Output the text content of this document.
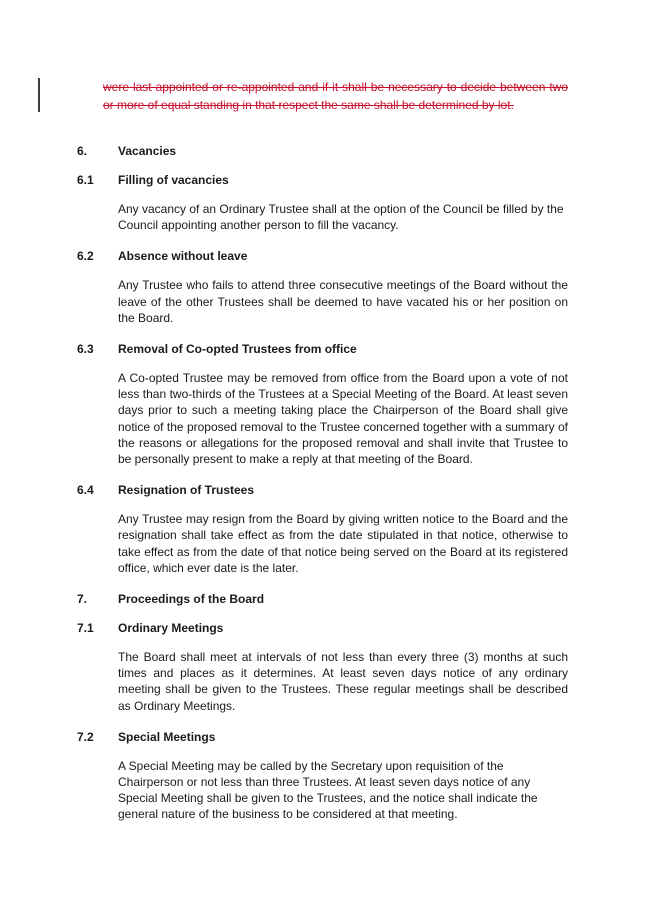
were last appointed or re-appointed and if it shall be necessary to decide between two or more of equal standing in that respect the same shall be determined by lot.

6.	Vacancies
6.1	Filling of vacancies

Any vacancy of an Ordinary Trustee shall at the option of the Council be filled by the Council appointing another person to fill the vacancy.

6.2	Absence without leave

Any Trustee who fails to attend three consecutive meetings of the Board without the leave of the other Trustees shall be deemed to have vacated his or her position on the Board.

6.3	Removal of Co-opted Trustees from office

A Co-opted Trustee may be removed from office from the Board upon a vote of not less than two-thirds of the Trustees at a Special Meeting of the Board. At least seven days prior to such a meeting taking place the Chairperson of the Board shall give notice of the proposed removal to the Trustee concerned together with a summary of the reasons or allegations for the proposed removal and shall invite that Trustee to be personally present to make a reply at that meeting of the Board.

6.4	Resignation of Trustees

Any Trustee may resign from the Board by giving written notice to the Board and the resignation shall take effect as from the date stipulated in that notice, otherwise to take effect as from the date of that notice being served on the Board at its registered office, which ever date is the later.

7.	Proceedings of the Board
7.1	Ordinary Meetings

The Board shall meet at intervals of not less than every three (3) months at such times and places as it determines. At least seven days notice of any ordinary meeting shall be given to the Trustees. These regular meetings shall be described as Ordinary Meetings.

7.2	Special Meetings

A Special Meeting may be called by the Secretary upon requisition of the Chairperson or not less than three Trustees. At least seven days notice of any Special Meeting shall be given to the Trustees, and the notice shall indicate the general nature of the business to be considered at that meeting.
